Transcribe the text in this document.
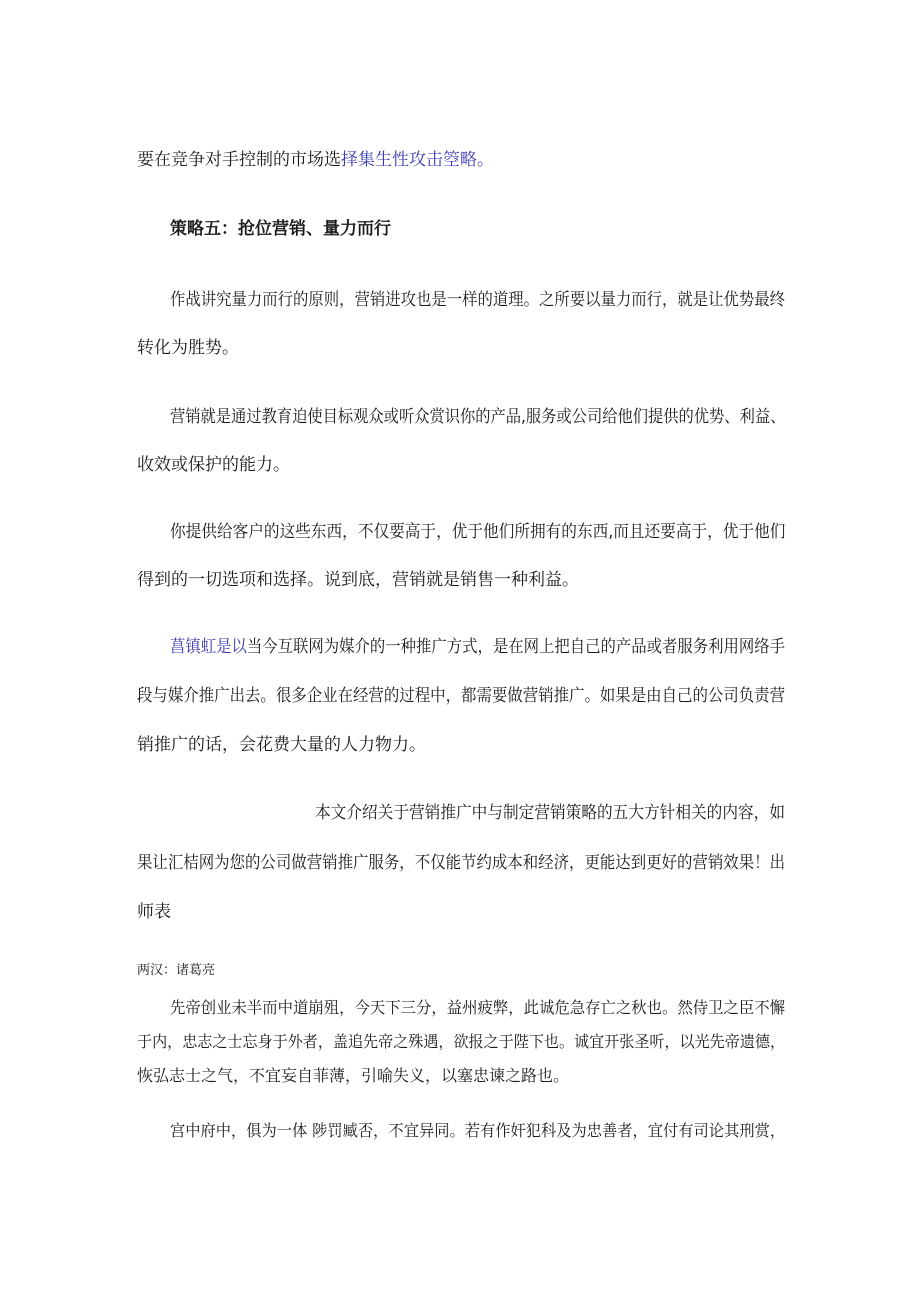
要在竞争对手控制的市场选择集生性攻击箜略。
策略五：抢位营销、量力而行
作战讲究量力而行的原则，营销进攻也是一样的道理。之所要以量力而行，就是让优势最终
转化为胜势。
营销就是通过教育迫使目标观众或听众赏识你的产品,服务或公司给他们提供的优势、利益、
收效或保护的能力。
你提供给客户的这些东西，不仅要高于，优于他们所拥有的东西,而且还要高于，优于他们
得到的一切选项和选择。说到底，营销就是销售一种利益。
菖镇虹是以当今互联网为媒介的一种推广方式，是在网上把自己的产品或者服务利用网络手
段与媒介推广出去。很多企业在经营的过程中，都需要做营销推广。如果是由自己的公司负责营
销推广的话，会花费大量的人力物力。
本文介绍关于营销推广中与制定营销策略的五大方针相关的内容，如
果让汇桔网为您的公司做营销推广服务，不仅能节约成本和经济，更能达到更好的营销效果！出
师表
两汉：诸葛亮
先帝创业未半而中道崩殂，今天下三分，益州疲弊，此诚危急存亡之秋也。然侍卫之臣不懈
于内，忠志之士忘身于外者，盖追先帝之殊遇，欲报之于陛下也。诚宜开张圣听，以光先帝遗德，
恢弘志士之气，不宜妄自菲薄，引喻失义，以塞忠谏之路也。
宫中府中，俱为一体 陟罚臧否，不宜异同。若有作奸犯科及为忠善者，宜付有司论其刑赏，
